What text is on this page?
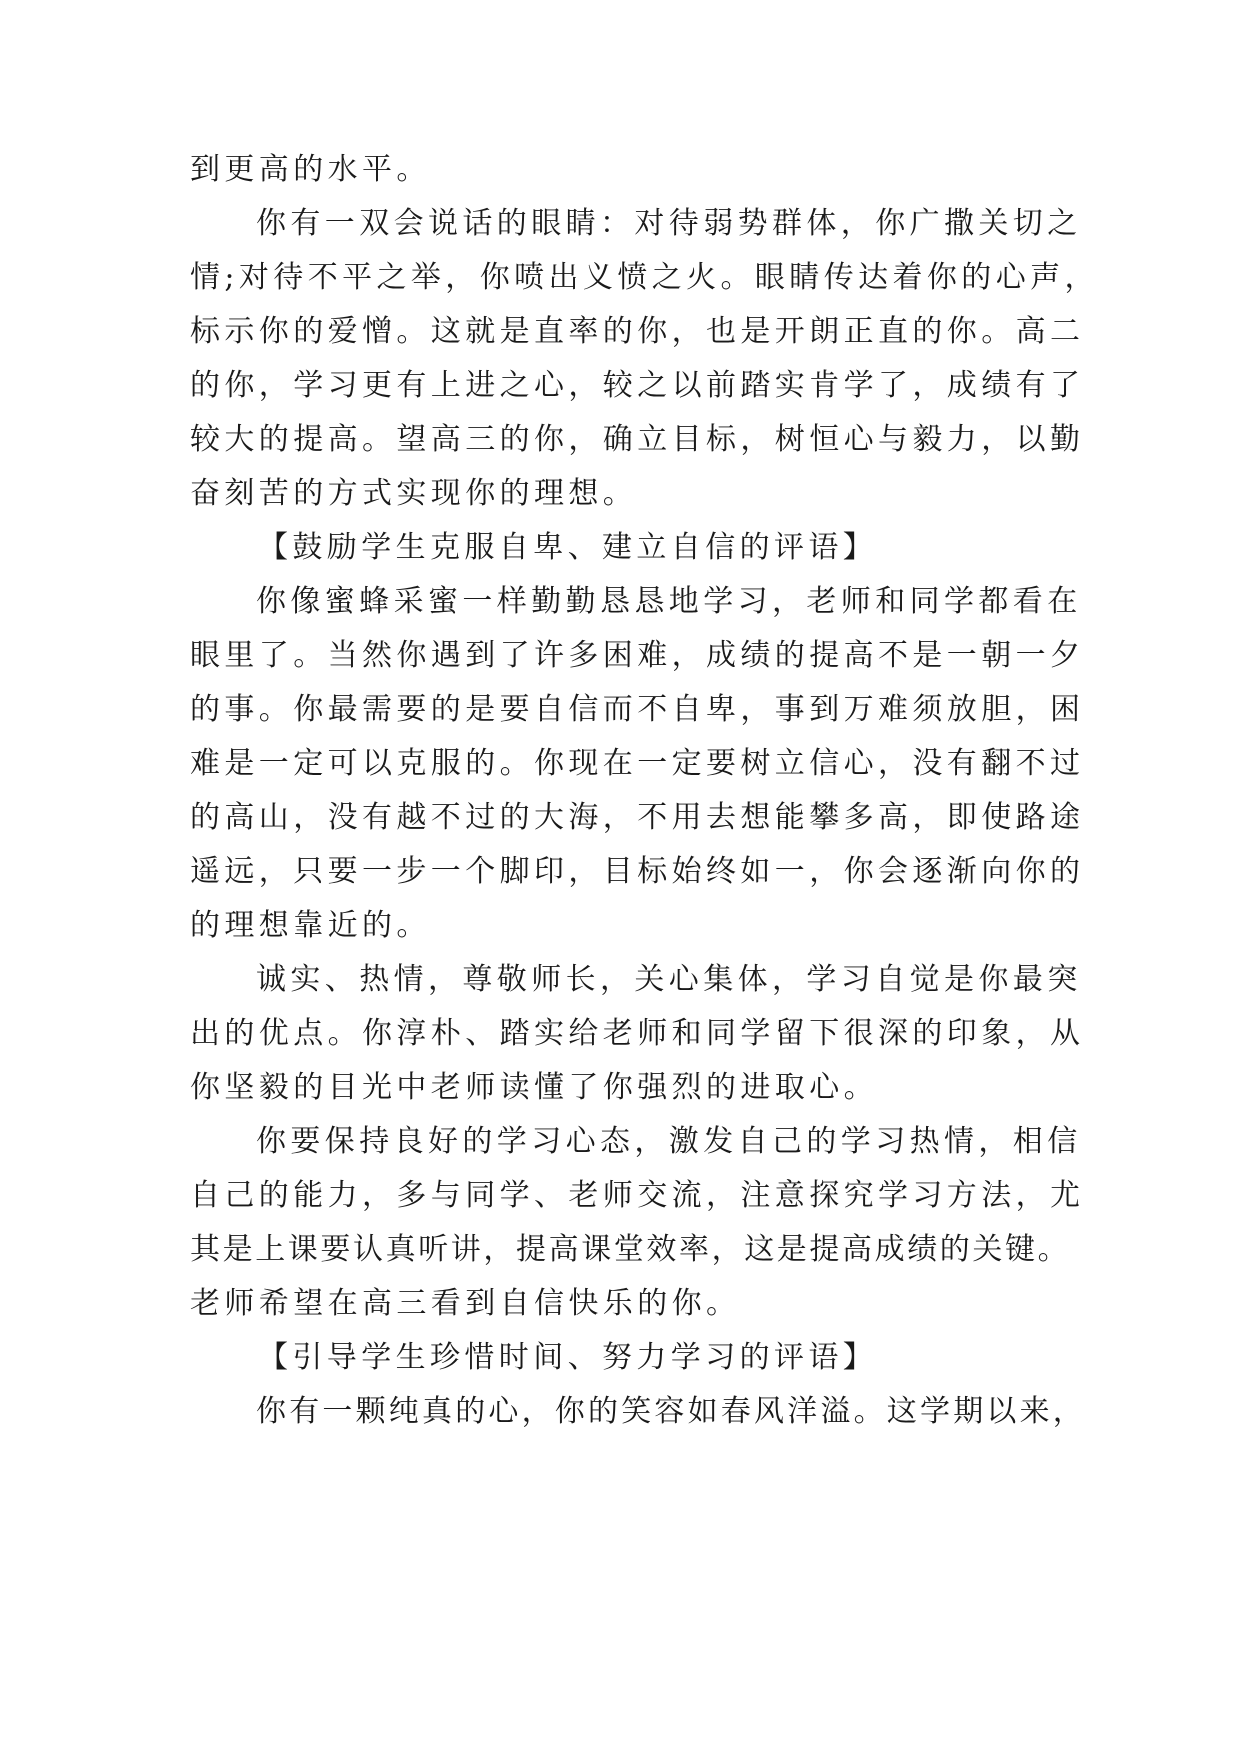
到更高的水平。
你有一双会说话的眼睛：对待弱势群体，你广撒关切之
情;对待不平之举，你喷出义愤之火。眼睛传达着你的心声，
标示你的爱憎。这就是直率的你，也是开朗正直的你。高二
的你，学习更有上进之心，较之以前踏实肯学了，成绩有了
较大的提高。望高三的你，确立目标，树恒心与毅力，以勤
奋刻苦的方式实现你的理想。
【鼓励学生克服自卑、建立自信的评语】
你像蜜蜂采蜜一样勤勤恳恳地学习，老师和同学都看在
眼里了。当然你遇到了许多困难，成绩的提高不是一朝一夕
的事。你最需要的是要自信而不自卑，事到万难须放胆，困
难是一定可以克服的。你现在一定要树立信心，没有翻不过
的高山，没有越不过的大海，不用去想能攀多高，即使路途
遥远，只要一步一个脚印，目标始终如一，你会逐渐向你的
的理想靠近的。
诚实、热情，尊敬师长，关心集体，学习自觉是你最突
出的优点。你淳朴、踏实给老师和同学留下很深的印象，从
你坚毅的目光中老师读懂了你强烈的进取心。
你要保持良好的学习心态，激发自己的学习热情，相信
自己的能力，多与同学、老师交流，注意探究学习方法，尤
其是上课要认真听讲，提高课堂效率，这是提高成绩的关键。
老师希望在高三看到自信快乐的你。
【引导学生珍惜时间、努力学习的评语】
你有一颗纯真的心，你的笑容如春风洋溢。这学期以来，
